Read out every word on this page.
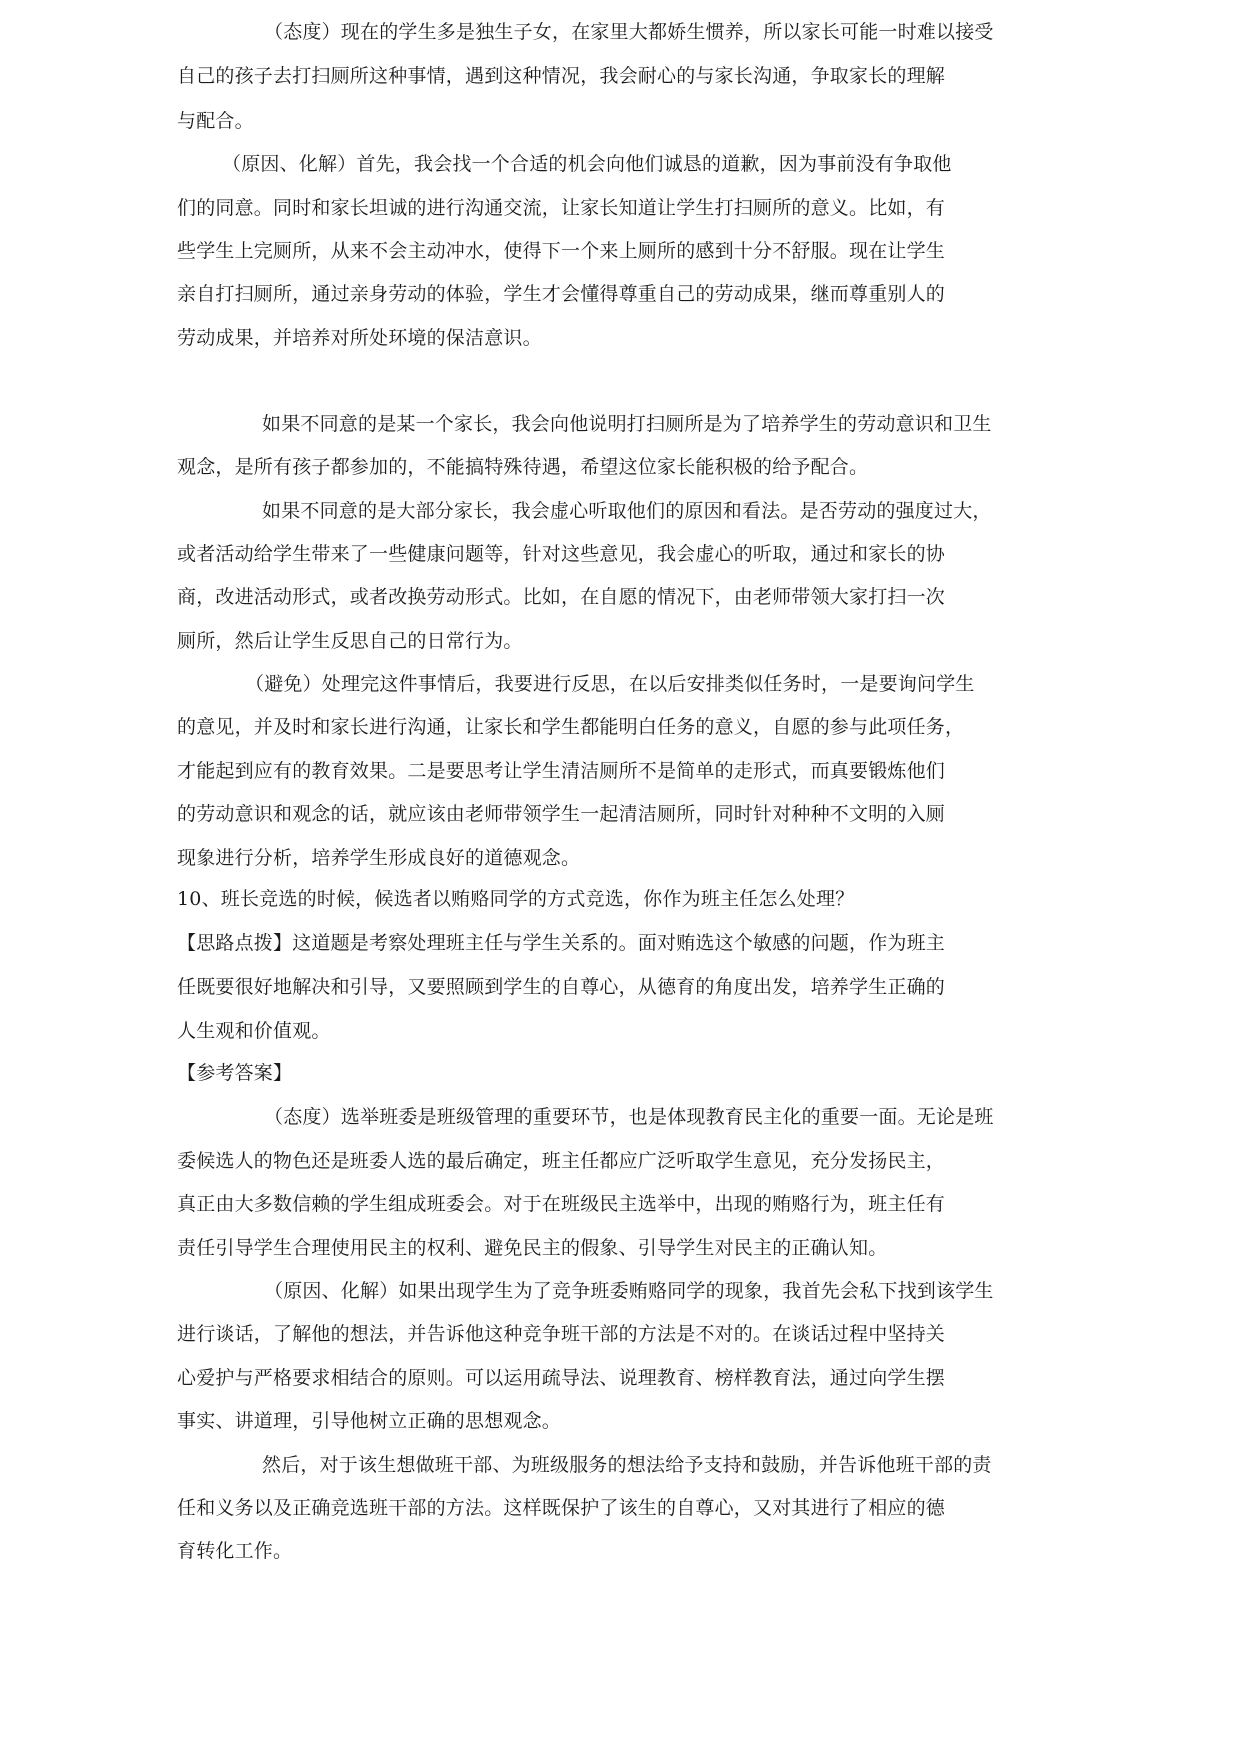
（态度）现在的学生多是独生子女，在家里大都娇生惯养，所以家长可能一时难以接受
自己的孩子去打扫厕所这种事情，遇到这种情况，我会耐心的与家长沟通，争取家长的理解
与配合。
（原因、化解）首先，我会找一个合适的机会向他们诚恳的道歉，因为事前没有争取他
们的同意。同时和家长坦诚的进行沟通交流，让家长知道让学生打扫厕所的意义。比如，有
些学生上完厕所，从来不会主动冲水，使得下一个来上厕所的感到十分不舒服。现在让学生
亲自打扫厕所，通过亲身劳动的体验，学生才会懂得尊重自己的劳动成果，继而尊重别人的
劳动成果，并培养对所处环境的保洁意识。
如果不同意的是某一个家长，我会向他说明打扫厕所是为了培养学生的劳动意识和卫生
观念，是所有孩子都参加的，不能搞特殊待遇，希望这位家长能积极的给予配合。
如果不同意的是大部分家长，我会虚心听取他们的原因和看法。是否劳动的强度过大，
或者活动给学生带来了一些健康问题等，针对这些意见，我会虚心的听取，通过和家长的协
商，改进活动形式，或者改换劳动形式。比如，在自愿的情况下，由老师带领大家打扫一次
厕所，然后让学生反思自己的日常行为。
（避免）处理完这件事情后，我要进行反思，在以后安排类似任务时，一是要询问学生
的意见，并及时和家长进行沟通，让家长和学生都能明白任务的意义，自愿的参与此项任务，
才能起到应有的教育效果。二是要思考让学生清洁厕所不是简单的走形式，而真要锻炼他们
的劳动意识和观念的话，就应该由老师带领学生一起清洁厕所，同时针对种种不文明的入厕
现象进行分析，培养学生形成良好的道德观念。
10、班长竞选的时候，候选者以贿赂同学的方式竞选，你作为班主任怎么处理？
【思路点拨】这道题是考察处理班主任与学生关系的。面对贿选这个敏感的问题，作为班主
任既要很好地解决和引导，又要照顾到学生的自尊心，从德育的角度出发，培养学生正确的
人生观和价值观。
【参考答案】
（态度）选举班委是班级管理的重要环节，也是体现教育民主化的重要一面。无论是班
委候选人的物色还是班委人选的最后确定，班主任都应广泛听取学生意见，充分发扬民主，
真正由大多数信赖的学生组成班委会。对于在班级民主选举中，出现的贿赂行为，班主任有
责任引导学生合理使用民主的权利、避免民主的假象、引导学生对民主的正确认知。
（原因、化解）如果出现学生为了竞争班委贿赂同学的现象，我首先会私下找到该学生
进行谈话，了解他的想法，并告诉他这种竞争班干部的方法是不对的。在谈话过程中坚持关
心爱护与严格要求相结合的原则。可以运用疏导法、说理教育、榜样教育法，通过向学生摆
事实、讲道理，引导他树立正确的思想观念。
然后，对于该生想做班干部、为班级服务的想法给予支持和鼓励，并告诉他班干部的责
任和义务以及正确竞选班干部的方法。这样既保护了该生的自尊心，又对其进行了相应的德
育转化工作。
